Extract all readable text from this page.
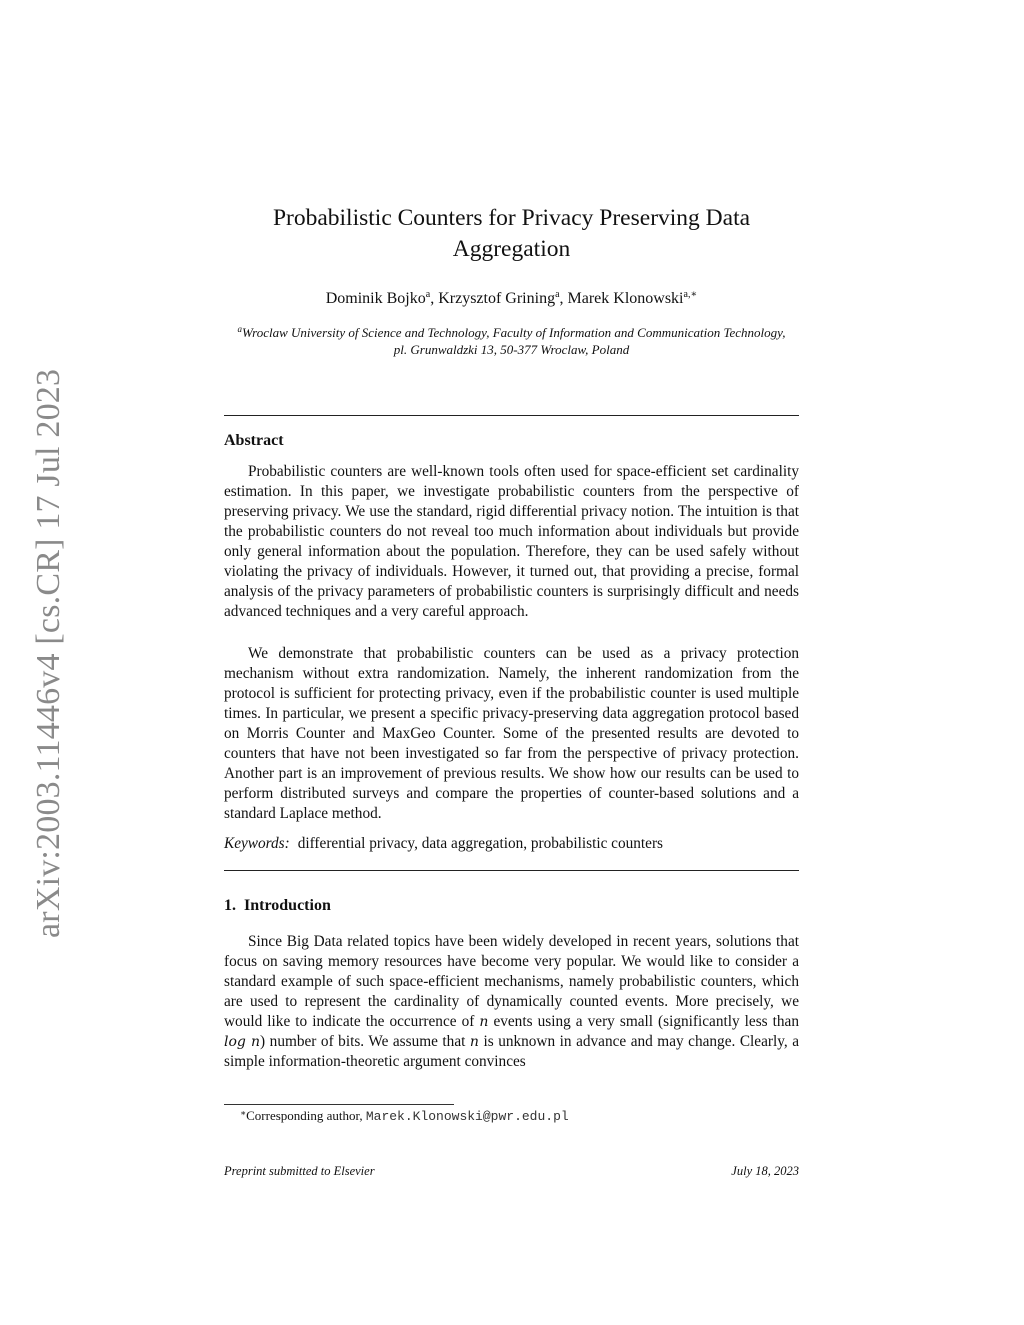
arXiv:2003.11446v4 [cs.CR] 17 Jul 2023
Probabilistic Counters for Privacy Preserving Data Aggregation
Dominik Bojko$^a$, Krzysztof Grining$^a$, Marek Klonowski$^{a,∗}$
$^a$Wroclaw University of Science and Technology, Faculty of Information and Communication Technology,
pl. Grunwaldzki 13, 50-377 Wroclaw, Poland
Abstract
Probabilistic counters are well-known tools often used for space-efficient set cardinality estimation. In this paper, we investigate probabilistic counters from the perspective of preserving privacy. We use the standard, rigid differential privacy notion. The intuition is that the probabilistic counters do not reveal too much information about individuals but provide only general information about the population. Therefore, they can be used safely without violating the privacy of individuals. However, it turned out, that providing a precise, formal analysis of the privacy parameters of probabilistic counters is surprisingly difficult and needs advanced techniques and a very careful approach.
We demonstrate that probabilistic counters can be used as a privacy protection mechanism without extra randomization. Namely, the inherent randomization from the protocol is sufficient for protecting privacy, even if the probabilistic counter is used multiple times. In particular, we present a specific privacy-preserving data aggregation protocol based on Morris Counter and MaxGeo Counter. Some of the presented results are devoted to counters that have not been investigated so far from the perspective of privacy protection. Another part is an improvement of previous results. We show how our results can be used to perform distributed surveys and compare the properties of counter-based solutions and a standard Laplace method.
Keywords: differential privacy, data aggregation, probabilistic counters
1. Introduction
Since Big Data related topics have been widely developed in recent years, solutions that focus on saving memory resources have become very popular. We would like to consider a standard example of such space-efficient mechanisms, namely probabilistic counters, which are used to represent the cardinality of dynamically counted events. More precisely, we would like to indicate the occurrence of n events using a very small (significantly less than log n) number of bits. We assume that n is unknown in advance and may change. Clearly, a simple information-theoretic argument convinces
∗Corresponding author, Marek.Klonowski@pwr.edu.pl
Preprint submitted to Elsevier	July 18, 2023
